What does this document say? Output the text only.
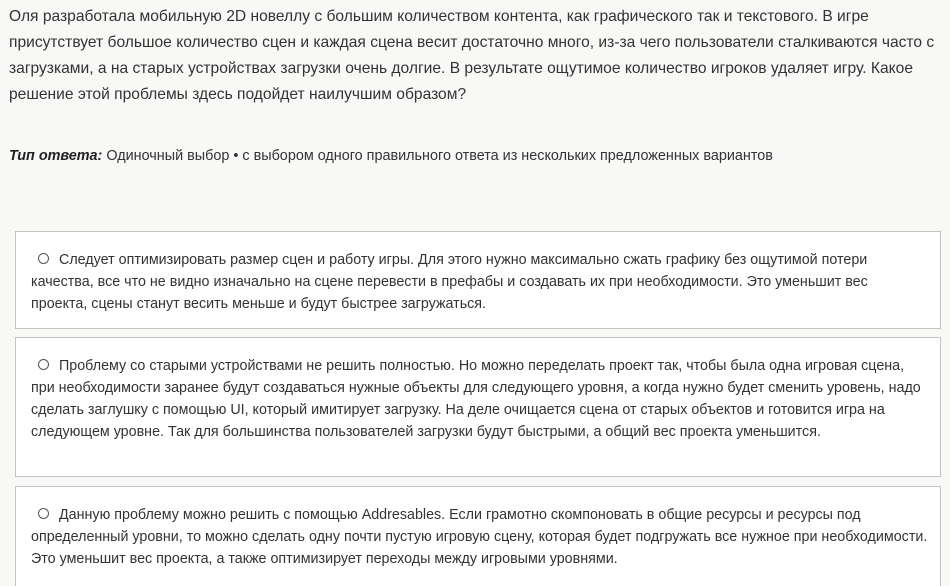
Оля разработала мобильную 2D новеллу с большим количеством контента, как графического так и текстового. В игре присутствует большое количество сцен и каждая сцена весит достаточно много, из-за чего пользователи сталкиваются часто с загрузками, а на старых устройствах загрузки очень долгие. В результате ощутимое количество игроков удаляет игру. Какое решение этой проблемы здесь подойдет наилучшим образом?
Тип ответа: Одиночный выбор • с выбором одного правильного ответа из нескольких предложенных вариантов
Следует оптимизировать размер сцен и работу игры. Для этого нужно максимально сжать графику без ощутимой потери качества, все что не видно изначально на сцене перевести в префабы и создавать их при необходимости. Это уменьшит вес проекта, сцены станут весить меньше и будут быстрее загружаться.
Проблему со старыми устройствами не решить полностью. Но можно переделать проект так, чтобы была одна игровая сцена, при необходимости заранее будут создаваться нужные объекты для следующего уровня, а когда нужно будет сменить уровень, надо сделать заглушку с помощью UI, который имитирует загрузку. На деле очищается сцена от старых объектов и готовится игра на следующем уровне. Так для большинства пользователей загрузки будут быстрыми, а общий вес проекта уменьшится.
Данную проблему можно решить с помощью Addresables. Если грамотно скомпоновать в общие ресурсы и ресурсы под определенный уровни, то можно сделать одну почти пустую игровую сцену, которая будет подгружать все нужное при необходимости. Это уменьшит вес проекта, а также оптимизирует переходы между игровыми уровнями.
